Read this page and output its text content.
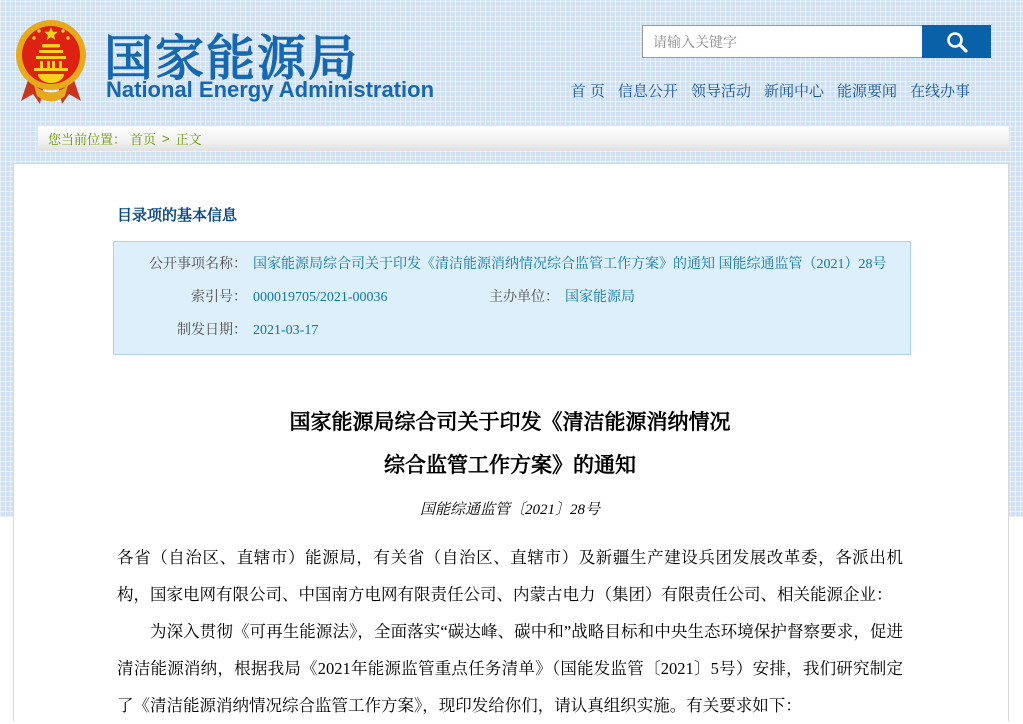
国家能源局
National Energy Administration
请输入关键字	首 页 信息公开 领导活动 新闻中心 能源要闻 在线办事
您当前位置： 首页 > 正文
目录项的基本信息
公开事项名称： 国家能源局综合司关于印发《清洁能源消纳情况综合监管工作方案》的通知 国能综通监管（2021）28号
索引号： 000019705/2021-00036	主办单位： 国家能源局
制发日期： 2021-03-17
国家能源局综合司关于印发《清洁能源消纳情况
综合监管工作方案》的通知
国能综通监管〔2021〕28号

各省（自治区、直辖市）能源局，有关省（自治区、直辖市）及新疆生产建设兵团发展改革委，各派出机构，国家电网有限公司、中国南方电网有限责任公司、内蒙古电力（集团）有限责任公司、相关能源企业：

为深入贯彻《可再生能源法》，全面落实“碳达峰、碳中和”战略目标和中央生态环境保护督察要求，促进清洁能源消纳，根据我局《2021年能源监管重点任务清单》（国能发监管〔2021〕5号）安排，我们研究制定了《清洁能源消纳情况综合监管工作方案》，现印发给你们，请认真组织实施。有关要求如下：
